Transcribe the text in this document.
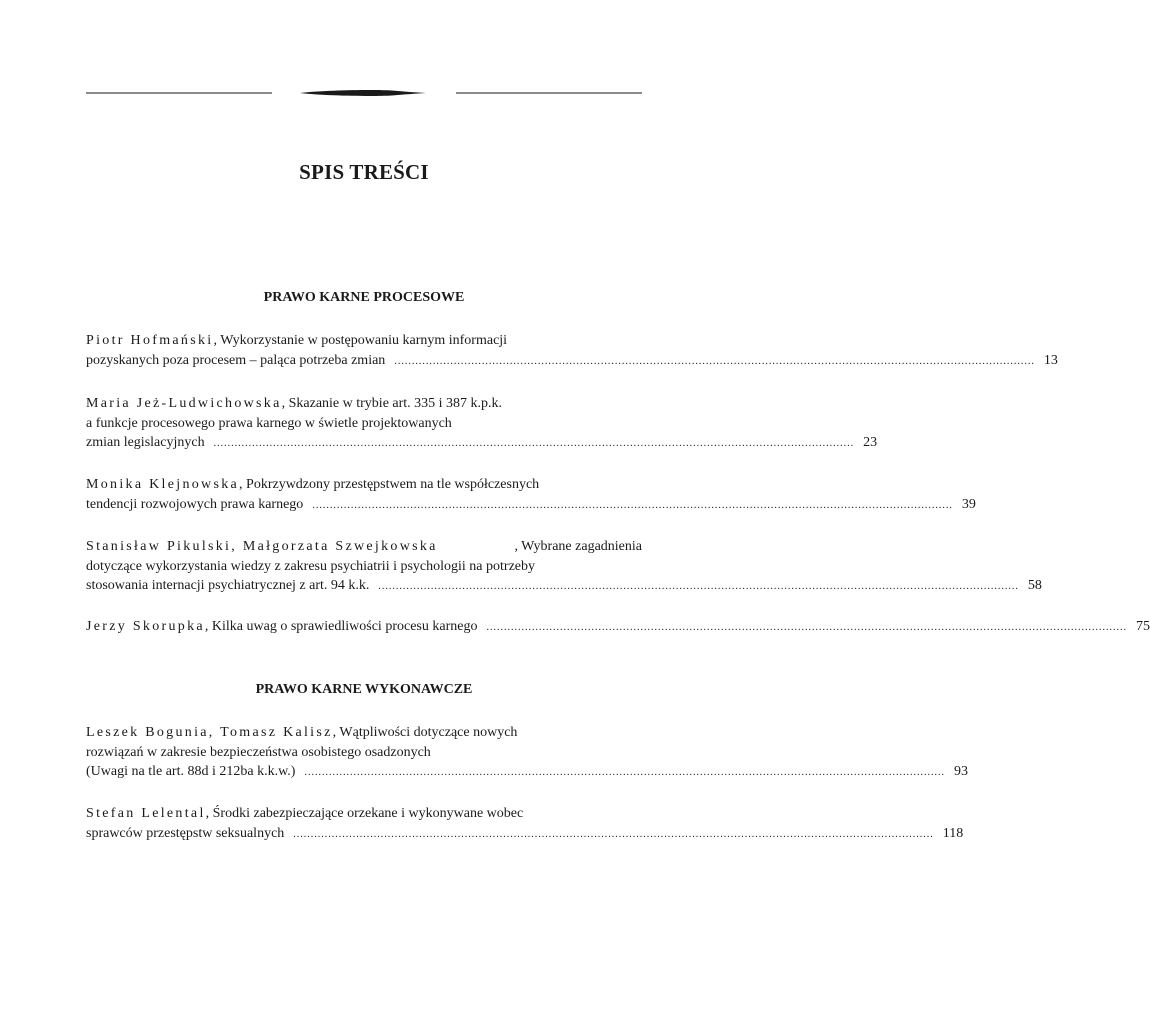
SPIS TREŚCI
PRAWO KARNE PROCESOWE
Piotr Hofmański, Wykorzystanie w postępowaniu karnym informacji
pozyskanych poza procesem – paląca potrzeba zmian ....................................................................................................................................................................................... 13
Maria Jeż-Ludwichowska, Skazanie w trybie art. 335 i 387 k.p.k.
a funkcje procesowego prawa karnego w świetle projektowanych
zmian legislacyjnych ....................................................................................................................................................................................... 23
Monika Klejnowska, Pokrzywdzony przestępstwem na tle współczesnych
tendencji rozwojowych prawa karnego ....................................................................................................................................................................................... 39
Stanisław Pikulski, Małgorzata Szwejkowska	, Wybrane zagadnienia
dotyczące wykorzystania wiedzy z zakresu psychiatrii i psychologii na potrzeby
stosowania internacji psychiatrycznej z art. 94 k.k. ....................................................................................................................................................................................... 58
Jerzy Skorupka, Kilka uwag o sprawiedliwości procesu karnego ....................................................................................................................................................................................... 75
PRAWO KARNE WYKONAWCZE
Leszek Bogunia, Tomasz Kalisz, Wątpliwości dotyczące nowych
rozwiązań w zakresie bezpieczeństwa osobistego osadzonych
(Uwagi na tle art. 88d i 212ba k.k.w.) ....................................................................................................................................................................................... 93
Stefan Lelental, Środki zabezpieczające orzekane i wykonywane wobec
sprawców przestępstw seksualnych ....................................................................................................................................................................................... 118
